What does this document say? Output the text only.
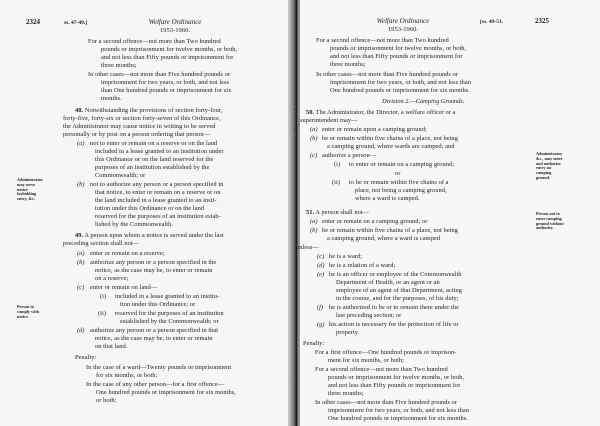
2324	ss. 47-49.]	Welfare Ordinance
1953-1960.
Administrator
may serve
notice
forbidding
entry, &c.
Person to
comply with
notice.
For a second offence—not more than Two hundred
pounds or imprisonment for twelve months, or both,
and not less than Fifty pounds or imprisonment for
three months;
In other cases—not more than Five hundred pounds or
imprisonment for two years, or both, and not less
than One hundred pounds or imprisonment for six
months.
48. Notwithstanding the provisions of section forty-four,
forty-five, forty-six or section forty-seven of this Ordinance,
the Administrator may cause notice in writing to be served
personally or by post on a person ordering that person—
(a) not to enter or remain on a reserve or on the land
included in a lease granted to an institution under
this Ordinance or on the land reserved for the
purposes of an institution established by the
Commonwealth; or
(b) not to authorize any person or a person specified in
that notice, to enter or remain on a reserve or on
the land included in a lease granted to an insti-
tution under this Ordinance or on the land
reserved for the purposes of an institution estab-
lished by the Commonwealth.
49. A person upon whom a notice is served under the last
preceding section shall not—
(a) enter or remain on a reserve;
(b) authorize any person or a person specified in the
notice, as the case may be, to enter or remain
on a reserve;
(c) enter or remain on land—
(i) included in a lease granted to an institu-
tion under this Ordinance; or
(ii) reserved for the purposes of an institution
established by the Commonwealth; or
(d) authorize any person or a person specified in that
notice, as the case may be, to enter or remain
on that land.
Penalty:
In the case of a ward—Twenty pounds or imprisonment
for six months, or both;
In the case of any other person—for a first offence—
One hundred pounds or imprisonment for six months,
or both;
Welfare Ordinance
1953-1960.
[ss. 49-51.	2325
Administrator,
&c., may enter
and authorize
entry on
camping
ground.
Person not to
enter camping
ground without
authority.
For a second offence—not more than Two hundred
pounds or imprisonment for twelve months, or both,
and not less than Fifty pounds or imprisonment for
three months;
In other cases—not more than Five hundred pounds or
imprisonment for two years, or both, and not less than
One hundred pounds or imprisonment for six months.
Division 2.—Camping Grounds.
50. The Administrator, the Director, a welfare officer or a
superintendent may—
(a) enter or remain upon a camping ground;
(b) be or remain within five chains of a place, not being
a camping ground, where wards are camped; and
(c) authorize a person—
(i) to enter or remain on a camping ground;
or
(ii) to be or remain within five chains of a
place, not being a camping ground,
where a ward is camped.
51. A person shall not—
(a) enter or remain on a camping ground; or
(b) be or remain within five chains of a place, not being
a camping ground, where a ward is camped
unless—
(c) he is a ward;
(d) he is a relation of a ward;
(e) he is an officer or employee of the Commonwealth
Department of Health, or an agent or an
employee of an agent of that Department, acting
in the course, and for the purposes, of his duty;
(f) he is authorized to be or to remain there under the
last preceding section; or
(g) his action is necessary for the protection of life or
property.
Penalty:
For a first offence—One hundred pounds or imprison-
ment for six months, or both;
For a second offence—not more than Two hundred
pounds or imprisonment for twelve months, or both,
and not less than Fifty pounds or imprisonment for
three months;
In other cases—not more than Five hundred pounds or
imprisonment for two years, or both, and not less than
One hundred pounds or imprisonment for six months.
